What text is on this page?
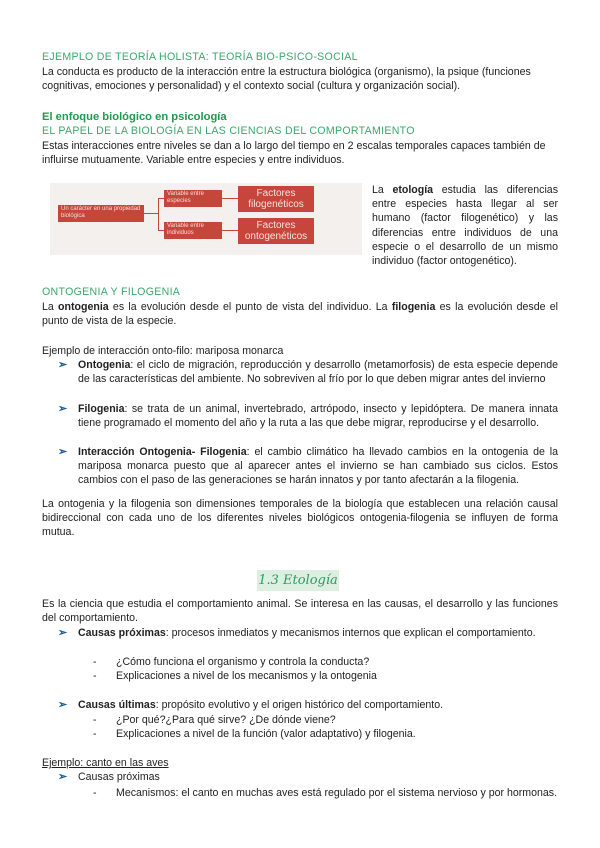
EJEMPLO DE TEORÍA HOLISTA: TEORÍA BIO-PSICO-SOCIAL
La conducta es producto de la interacción entre la estructura biológica (organismo), la psique (funciones cognitivas, emociones y personalidad) y el contexto social (cultura y organización social).
El enfoque biológico en psicología
EL PAPEL DE LA BIOLOGÍA EN LAS CIENCIAS DEL COMPORTAMIENTO
Estas interacciones entre niveles se dan a lo largo del tiempo en 2 escalas temporales capaces también de influirse mutuamente. Variable entre especies y entre individuos.
Un carácter en una propiedad biológica
Variable entre especies
Variable entre individuos
Factores filogenéticos
Factores ontogenéticos
La etología estudia las diferencias entre especies hasta llegar al ser humano (factor filogenético) y las diferencias entre individuos de una especie o el desarrollo de un mismo individuo (factor ontogenético).
ONTOGENIA Y FILOGENIA
La ontogenia es la evolución desde el punto de vista del individuo. La filogenia es la evolución desde el punto de vista de la especie.
Ejemplo de interacción onto-filo: mariposa monarca
➢ Ontogenia: el ciclo de migración, reproducción y desarrollo (metamorfosis) de esta especie depende de las características del ambiente. No sobreviven al frío por lo que deben migrar antes del invierno
➢ Filogenia: se trata de un animal, invertebrado, artrópodo, insecto y lepidóptera. De manera innata tiene programado el momento del año y la ruta a las que debe migrar, reproducirse y el desarrollo.
➢ Interacción Ontogenia- Filogenia: el cambio climático ha llevado cambios en la ontogenia de la mariposa monarca puesto que al aparecer antes el invierno se han cambiado sus ciclos. Estos cambios con el paso de las generaciones se harán innatos y por tanto afectarán a la filogenia.
La ontogenia y la filogenia son dimensiones temporales de la biología que establecen una relación causal bidireccional con cada uno de los diferentes niveles biológicos ontogenia-filogenia se influyen de forma mutua.
1.3 Etología
Es la ciencia que estudia el comportamiento animal. Se interesa en las causas, el desarrollo y las funciones del comportamiento.
➢ Causas próximas: procesos inmediatos y mecanismos internos que explican el comportamiento.
- ¿Cómo funciona el organismo y controla la conducta?
- Explicaciones a nivel de los mecanismos y la ontogenia
➢ Causas últimas: propósito evolutivo y el origen histórico del comportamiento.
- ¿Por qué?¿Para qué sirve? ¿De dónde viene?
- Explicaciones a nivel de la función (valor adaptativo) y filogenia.
Ejemplo: canto en las aves
➢ Causas próximas
- Mecanismos: el canto en muchas aves está regulado por el sistema nervioso y por hormonas.
